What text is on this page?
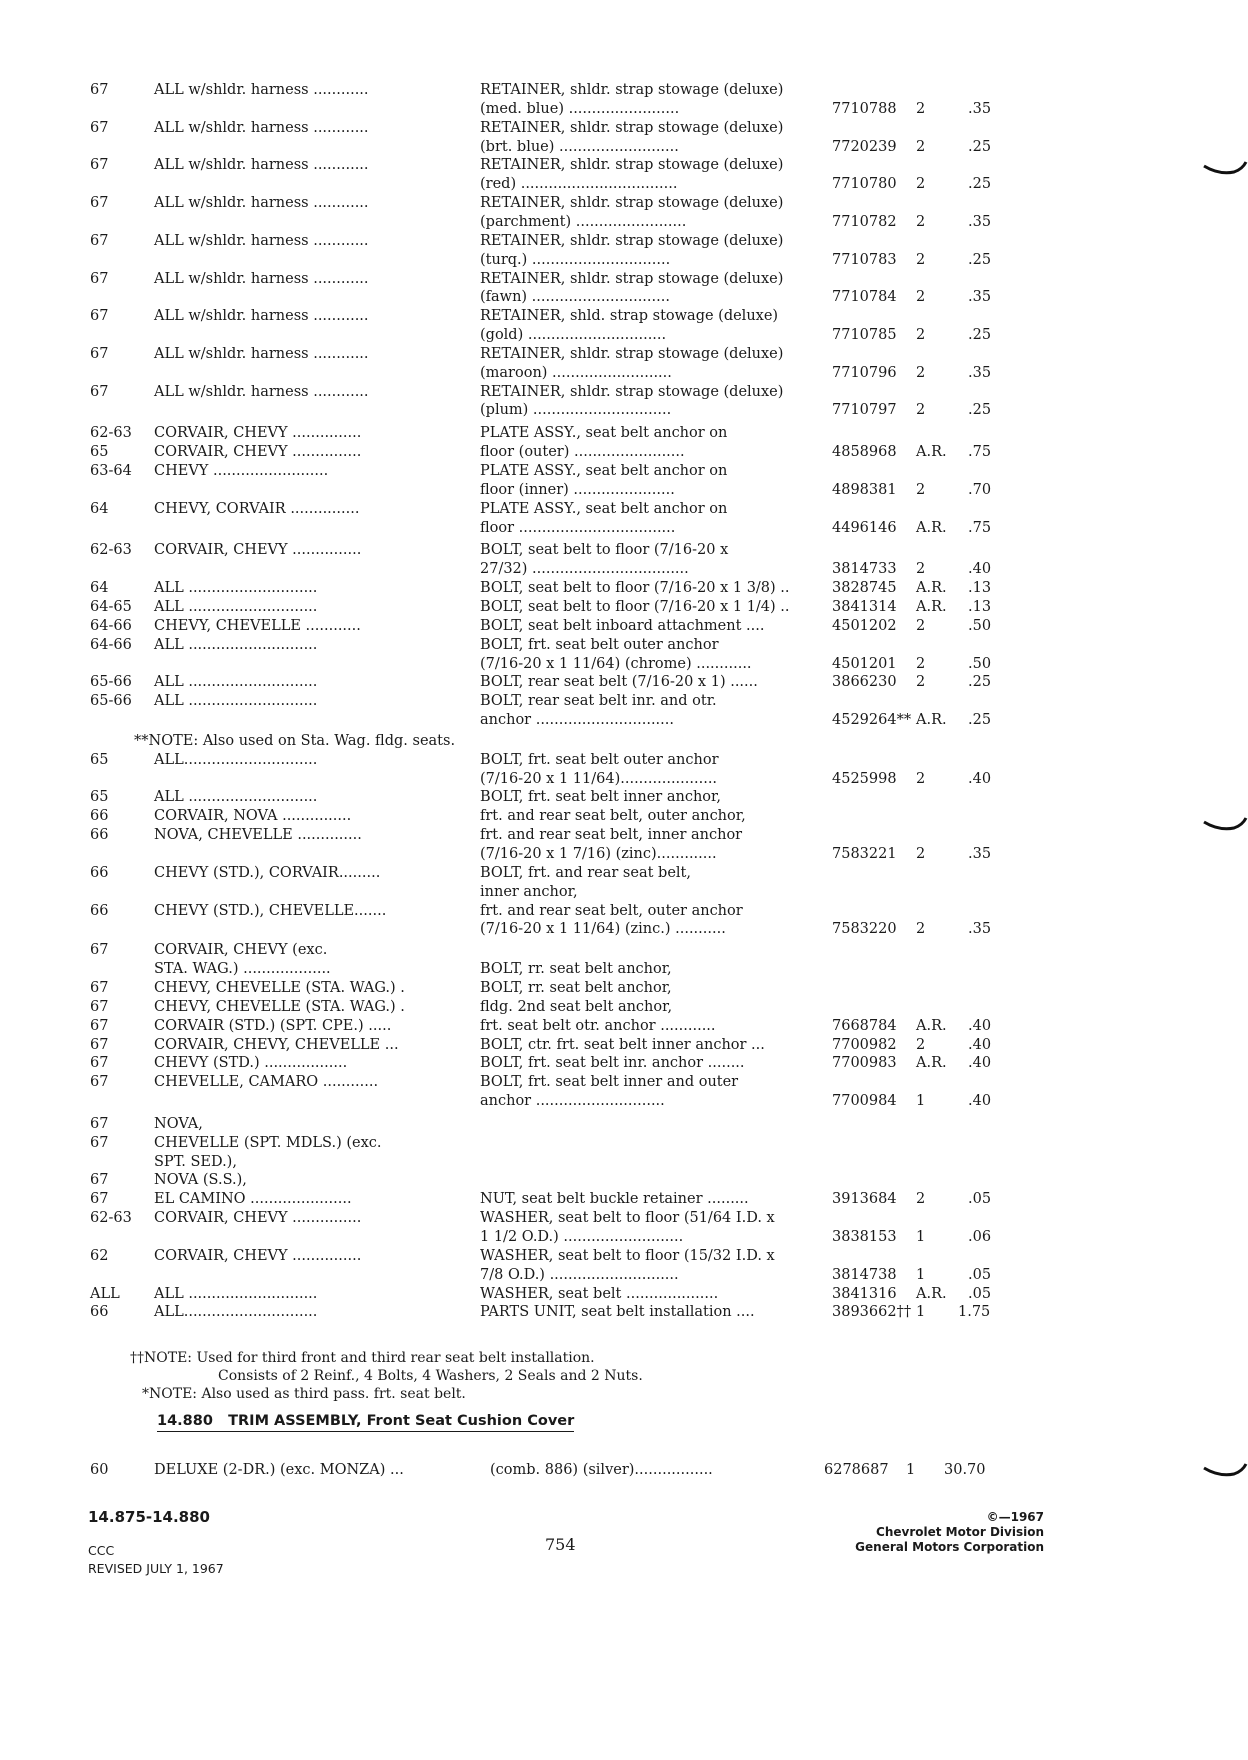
67	ALL w/shldr. harness ............	RETAINER, shldr. strap stowage (deluxe)
(med. blue) ........................	7710788 2	.35
67	ALL w/shldr. harness ............	RETAINER, shldr. strap stowage (deluxe)
(brt. blue) ..........................	7720239 2	.25
67	ALL w/shldr. harness ............	RETAINER, shldr. strap stowage (deluxe)
(red) ..................................	7710780 2	.25
67	ALL w/shldr. harness ............	RETAINER, shldr. strap stowage (deluxe)
(parchment) ........................	7710782 2	.35
67	ALL w/shldr. harness ............	RETAINER, shldr. strap stowage (deluxe)
(turq.) ..............................	7710783 2	.25
67	ALL w/shldr. harness ............	RETAINER, shldr. strap stowage (deluxe)
(fawn) ..............................	7710784 2	.35
67	ALL w/shldr. harness ............	RETAINER, shld. strap stowage (deluxe)
(gold) ..............................	7710785 2	.25
67	ALL w/shldr. harness ............	RETAINER, shldr. strap stowage (deluxe)
(maroon) ..........................	7710796 2	.35
67	ALL w/shldr. harness ............	RETAINER, shldr. strap stowage (deluxe)
(plum) ..............................	7710797 2	.25
62-63 CORVAIR, CHEVY ...............	PLATE ASSY., seat belt anchor on
65	CORVAIR, CHEVY ...............	floor (outer) ........................	4858968 A.R. .75
63-64 CHEVY .........................	PLATE ASSY., seat belt anchor on
floor (inner) ......................	4898381 2	.70
64	CHEVY, CORVAIR ...............	PLATE ASSY., seat belt anchor on
floor ..................................	4496146 A.R. .75
62-63 CORVAIR, CHEVY ...............	BOLT, seat belt to floor (7/16-20 x
27/32) ..................................	3814733 2	.40
64	ALL ............................	BOLT, seat belt to floor (7/16-20 x 1 3/8) ..	3828745 A.R. .13
64-65 ALL ............................	BOLT, seat belt to floor (7/16-20 x 1 1/4) ..	3841314 A.R. .13
64-66 CHEVY, CHEVELLE ............	BOLT, seat belt inboard attachment ....	4501202 2	.50
64-66 ALL ............................	BOLT, frt. seat belt outer anchor
(7/16-20 x 1 11/64) (chrome) ............	4501201 2	.50
65-66 ALL ............................	BOLT, rear seat belt (7/16-20 x 1) ......	3866230 2	.25
65-66 ALL ............................	BOLT, rear seat belt inr. and otr.
anchor ..............................	4529264** A.R. .25
**NOTE: Also used on Sta. Wag. fldg. seats.
65	ALL.............................	BOLT, frt. seat belt outer anchor
(7/16-20 x 1 11/64).....................	4525998 2	.40
65	ALL ............................	BOLT, frt. seat belt inner anchor,
66	CORVAIR, NOVA ...............	frt. and rear seat belt, outer anchor,
66	NOVA, CHEVELLE ..............	frt. and rear seat belt, inner anchor
(7/16-20 x 1 7/16) (zinc).............	7583221 2	.35
66	CHEVY (STD.), CORVAIR.........	BOLT, frt. and rear seat belt,
inner anchor,
66	CHEVY (STD.), CHEVELLE.......	frt. and rear seat belt, outer anchor
(7/16-20 x 1 11/64) (zinc.) ...........	7583220 2	.35
67	CORVAIR, CHEVY (exc.
STA. WAG.) ...................	BOLT, rr. seat belt anchor,
67	CHEVY, CHEVELLE (STA. WAG.) .	BOLT, rr. seat belt anchor,
67	CHEVY, CHEVELLE (STA. WAG.) .	fldg. 2nd seat belt anchor,
67	CORVAIR (STD.) (SPT. CPE.) .....	frt. seat belt otr. anchor ............	7668784 A.R. .40
67	CORVAIR, CHEVY, CHEVELLE ...	BOLT, ctr. frt. seat belt inner anchor ...	7700982 2	.40
67	CHEVY (STD.) ..................	BOLT, frt. seat belt inr. anchor ........	7700983 A.R. .40
67	CHEVELLE, CAMARO ............	BOLT, frt. seat belt inner and outer
anchor ............................	7700984 1	.40
67	NOVA,
67	CHEVELLE (SPT. MDLS.) (exc.
SPT. SED.),
67	NOVA (S.S.),
67	EL CAMINO ......................	NUT, seat belt buckle retainer .........	3913684 2	.05
62-63 CORVAIR, CHEVY ...............	WASHER, seat belt to floor (51/64 I.D. x
1 1/2 O.D.) ..........................	3838153 1	.06
62	CORVAIR, CHEVY ...............	WASHER, seat belt to floor (15/32 I.D. x
7/8 O.D.) ............................	3814738 1	.05
ALL ALL ............................	WASHER, seat belt ....................	3841316 A.R. .05
66	ALL.............................	PARTS UNIT, seat belt installation ....	3893662†† 1 1.75
††NOTE: Used for third front and third rear seat belt installation.
Consists of 2 Reinf., 4 Bolts, 4 Washers, 2 Seals and 2 Nuts.
*NOTE: Also used as third pass. frt. seat belt.
14.880 TRIM ASSEMBLY, Front Seat Cushion Cover
60	DELUXE (2-DR.) (exc. MONZA) ...	(comb. 886) (silver).................	6278687 1 30.70
14.875-14.880
CCC
REVISED JULY 1, 1967
754
©—1967
Chevrolet Motor Division
General Motors Corporation
